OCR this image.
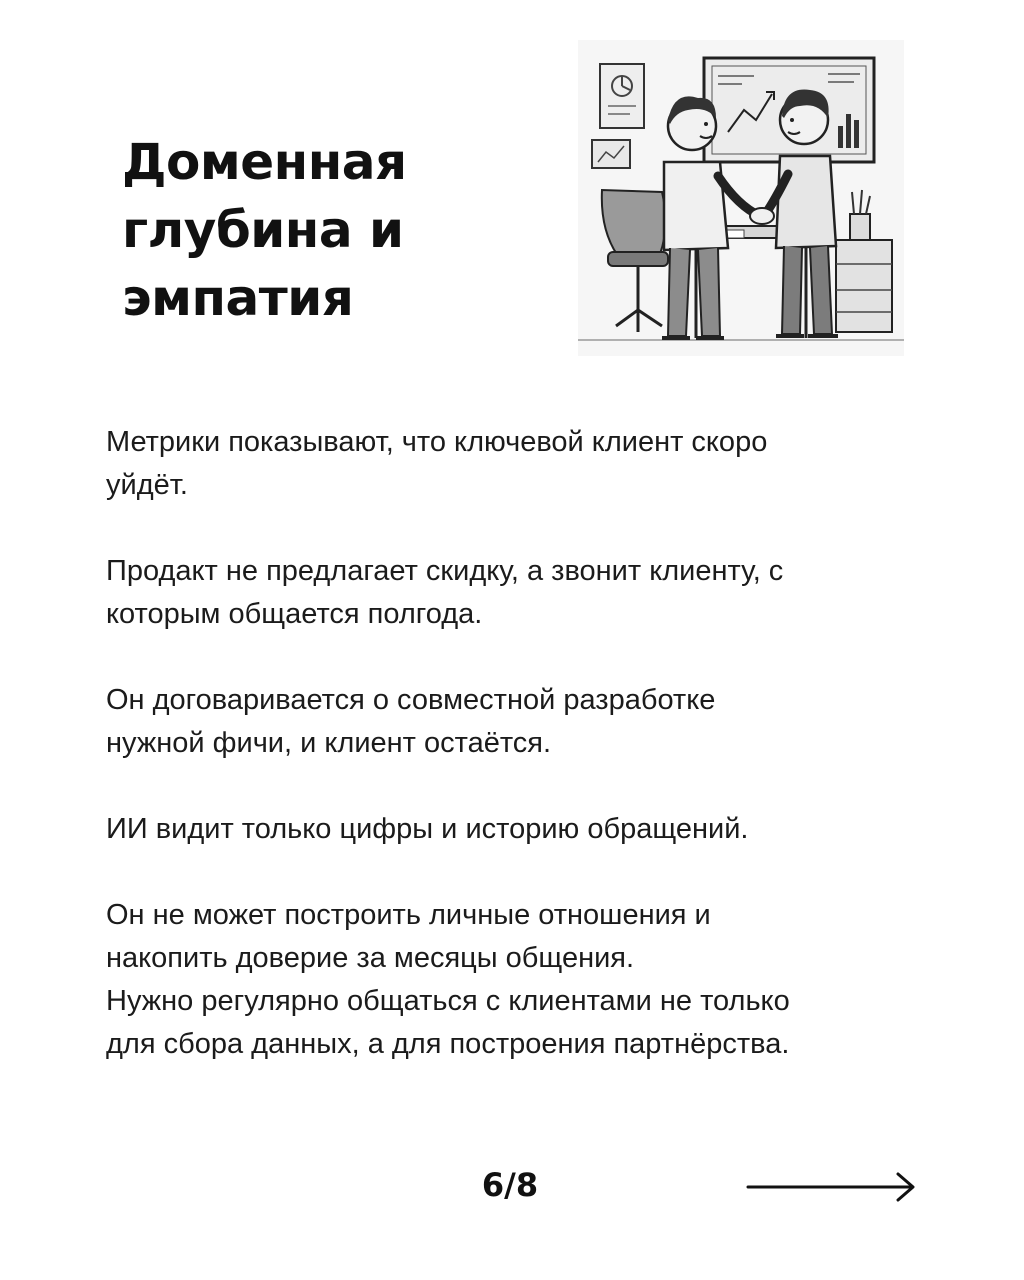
Доменная
глубина и
эмпатия

Метрики показывают, что ключевой клиент скоро

уйдёт.

Продакт не предлагает скидку, а звонит клиенту, с

которым общается полгода.

Он договаривается о совместной разработке

нужной фичи, и клиент остаётся.

ИИ видит только цифры и историю обращений.

Он не может построить личные отношения и

накопить доверие за месяцы общения.

Нужно регулярно общаться с клиентами не только

для сбора данных, а для построения партнёрства.

6/8
